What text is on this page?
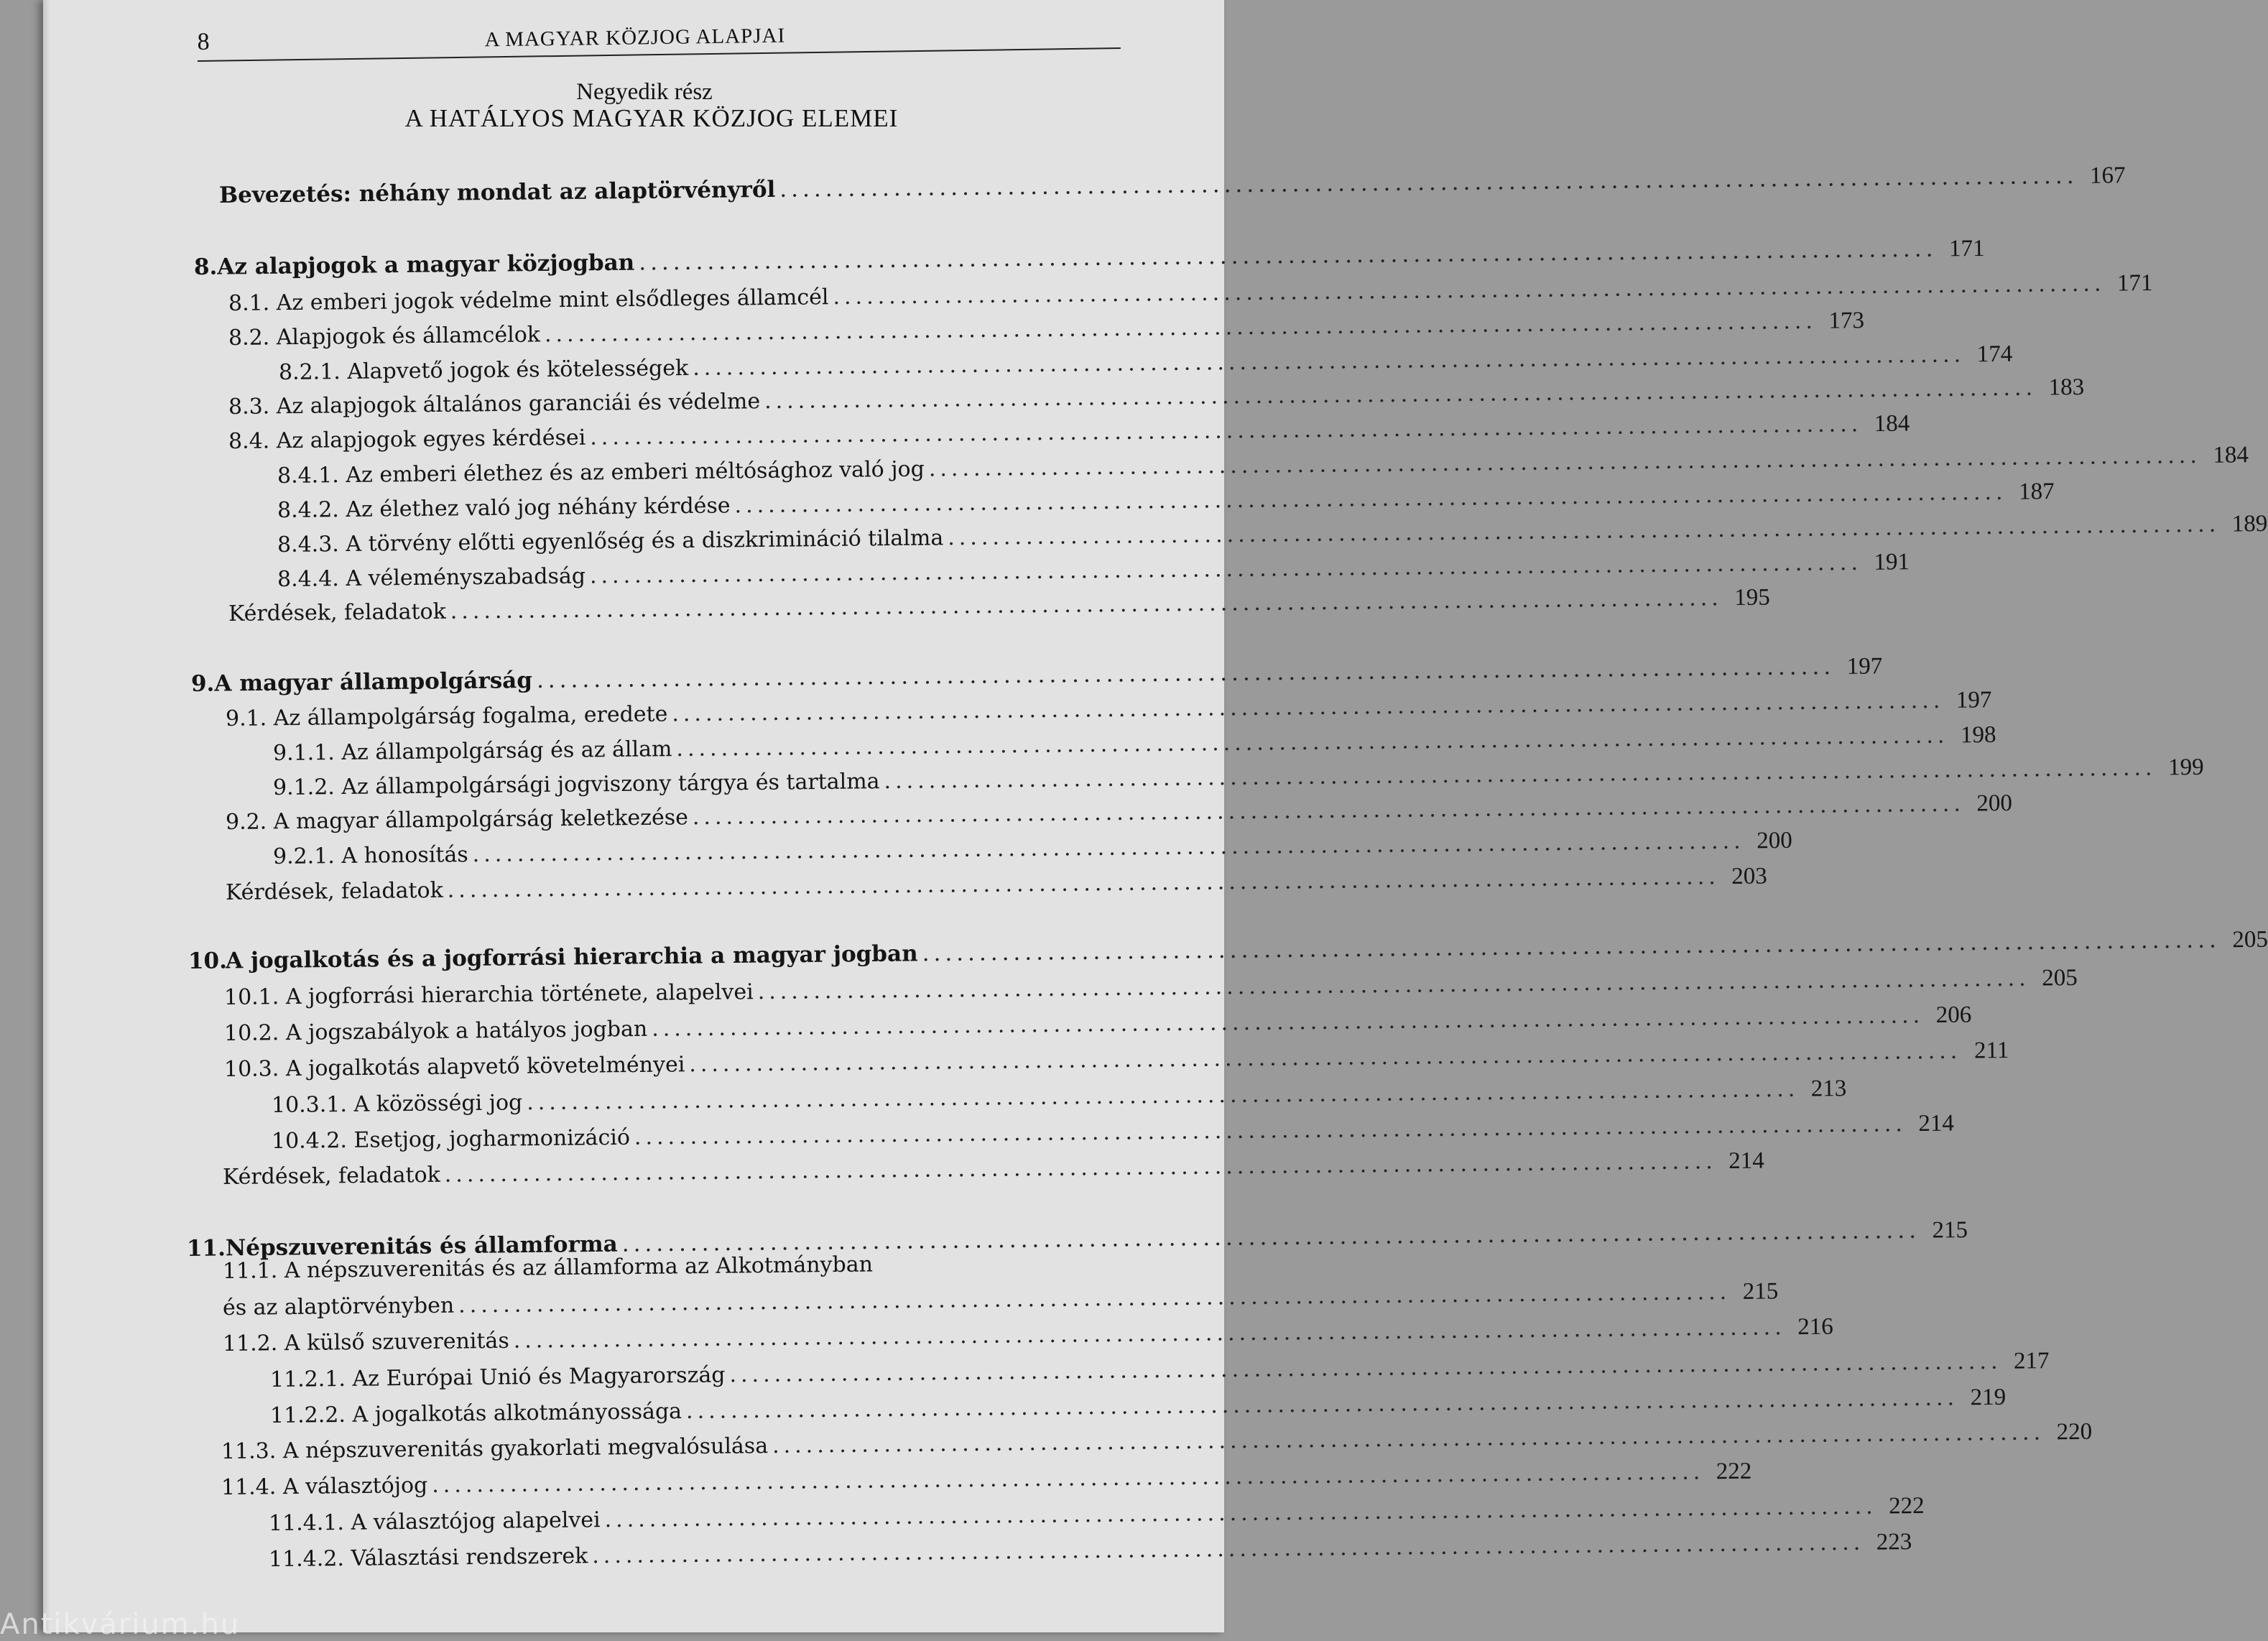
8	A MAGYAR KÖZJOG ALAPJAI
Negyedik rész
A HATÁLYOS MAGYAR KÖZJOG ELEMEI
Bevezetés: néhány mondat az alaptörvényről .................................................................................................................. 167
8. Az alapjogok a magyar közjogban .................................................................................................................. 171
8.1.
Az emberi jogok védelme mint elsődleges államcél .................................................................................................................. 171
8.2.
Alapjogok és államcélok .................................................................................................................. 173
8.2.1.
Alapvető jogok és kötelességek .................................................................................................................. 174
8.3.
Az alapjogok általános garanciái és védelme .................................................................................................................. 183
8.4.
Az alapjogok egyes kérdései .................................................................................................................. 184
8.4.1.
Az emberi élethez és az emberi méltósághoz való jog .................................................................................................................. 184
8.4.2.
Az élethez való jog néhány kérdése .................................................................................................................. 187
8.4.3.
A törvény előtti egyenlőség és a diszkrimináció tilalma .................................................................................................................. 189
8.4.4.
A véleményszabadság .................................................................................................................. 191
Kérdések, feladatok .................................................................................................................. 195
9. A magyar állampolgárság .................................................................................................................. 197
9.1.
Az állampolgárság fogalma, eredete .................................................................................................................. 197
9.1.1.
Az állampolgárság és az állam .................................................................................................................. 198
9.1.2.
Az állampolgársági jogviszony tárgya és tartalma .................................................................................................................. 199
9.2.
A magyar állampolgárság keletkezése .................................................................................................................. 200
9.2.1.
A honosítás .................................................................................................................. 200
Kérdések, feladatok .................................................................................................................. 203
10.
A jogalkotás és a jogforrási hierarchia a magyar jogban .................................................................................................................. 205
10.1.
A jogforrási hierarchia története, alapelvei .................................................................................................................. 205
10.2.
A jogszabályok a hatályos jogban .................................................................................................................. 206
10.3.
A jogalkotás alapvető követelményei .................................................................................................................. 211
10.3.1.
A közösségi jog .................................................................................................................. 213
10.4.2.
Esetjog, jogharmonizáció .................................................................................................................. 214
Kérdések, feladatok .................................................................................................................. 214
11. Népszuverenitás és államforma .................................................................................................................. 215
11.1. A népszuverenitás és az államforma az Alkotmányban
és az alaptörvényben .................................................................................................................. 215
11.2.
A külső szuverenitás .................................................................................................................. 216
11.2.1.
Az Európai Unió és Magyarország .................................................................................................................. 217
11.2.2.
A jogalkotás alkotmányossága .................................................................................................................. 219
11.3.
A népszuverenitás gyakorlati megvalósulása .................................................................................................................. 220
11.4.
A választójog .................................................................................................................. 222
11.4.1.
A választójog alapelvei .................................................................................................................. 222
11.4.2.
Választási rendszerek .................................................................................................................. 223
Antikvárium.hu
